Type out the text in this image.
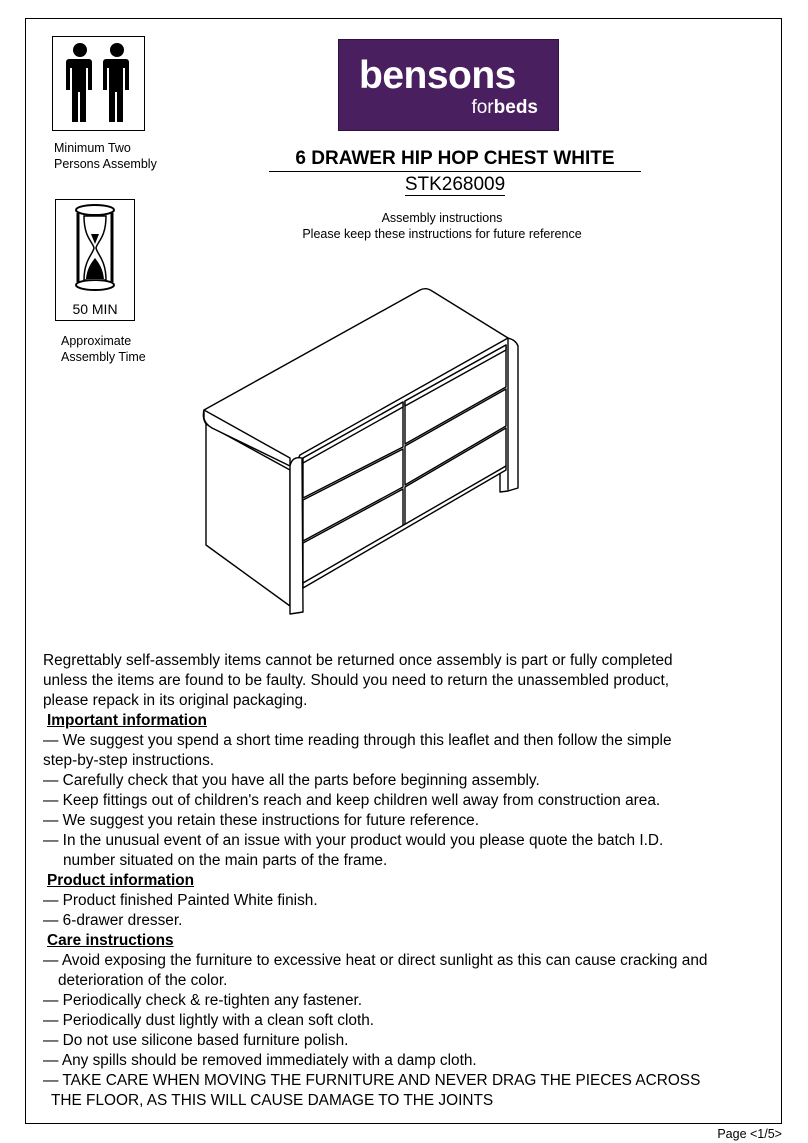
Minimum Two
Persons Assembly
50 MIN
Approximate
Assembly Time
bensons
forbeds
6 DRAWER HIP HOP CHEST WHITE
STK268009
Assembly instructions
Please keep these instructions for future reference

Regrettably self-assembly items cannot be returned once assembly is part or fully completed

unless the items are found to be faulty. Should you need to return the unassembled product,

please repack in its original packaging.

Important information

— We suggest you spend a short time reading through this leaflet and then follow the simple

step-by-step instructions.

— Carefully check that you have all the parts before beginning assembly.

— Keep fittings out of children's reach and keep children well away from construction area.

— We suggest you retain these instructions for future reference.

— In the unusual event of an issue with your product would you please quote the batch I.D.

number situated on the main parts of the frame.

Product information

— Product finished Painted White finish.

— 6-drawer dresser.

Care instructions

— Avoid exposing the furniture to excessive heat or direct sunlight as this can cause cracking and

deterioration of the color.

— Periodically check & re-tighten any fastener.

— Periodically dust lightly with a clean soft cloth.

— Do not use silicone based furniture polish.

— Any spills should be removed immediately with a damp cloth.

— TAKE CARE WHEN MOVING THE FURNITURE AND NEVER DRAG THE PIECES ACROSS

THE FLOOR, AS THIS WILL CAUSE DAMAGE TO THE JOINTS

Page <1/5>
